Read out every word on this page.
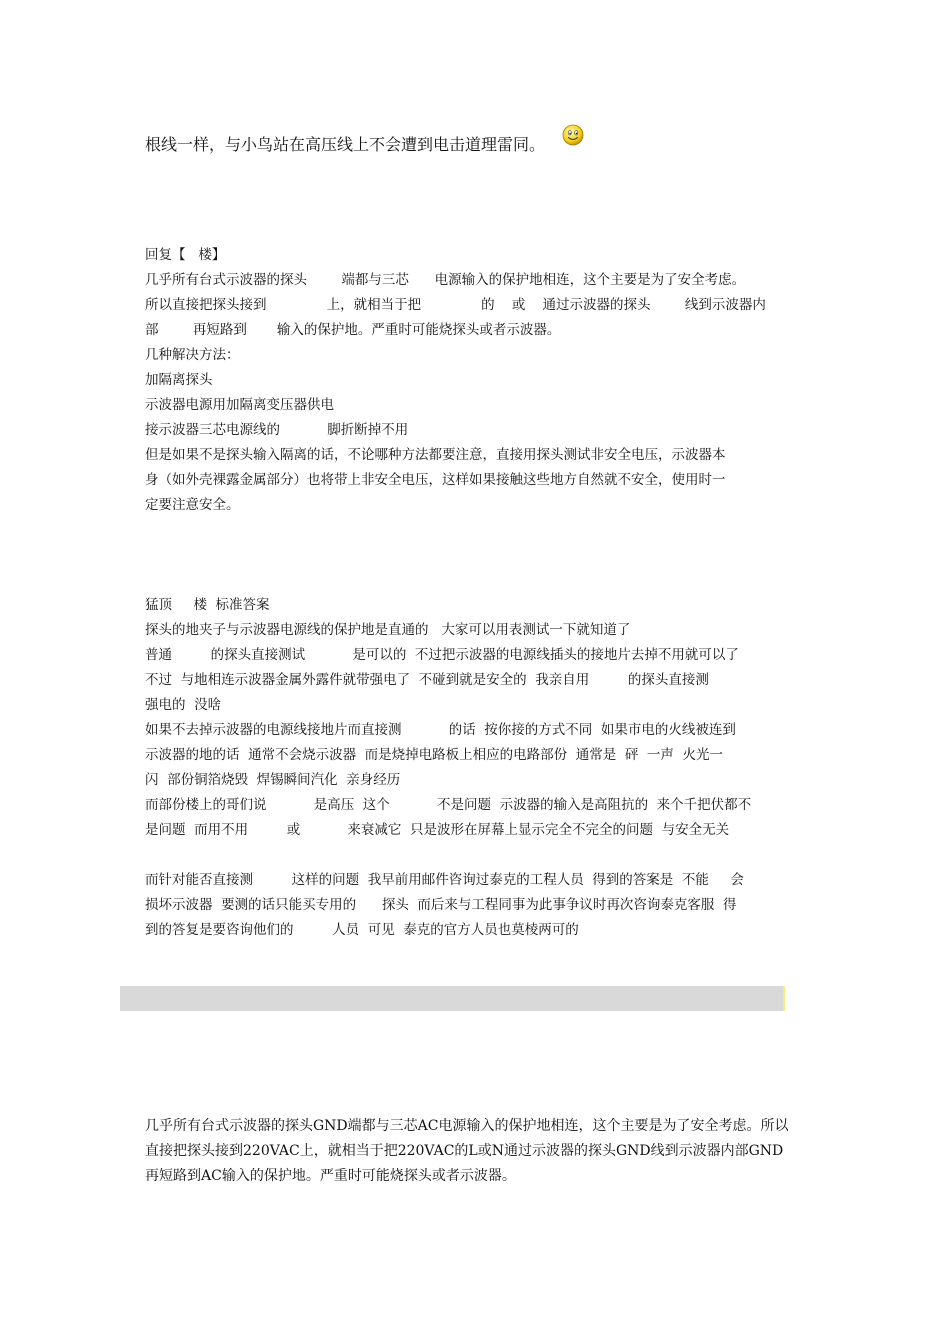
根线一样，与小鸟站在高压线上不会遭到电击道理雷同。
回复【   楼】
几乎所有台式示波器的探头        端都与三芯      电源输入的保护地相连，这个主要是为了安全考虑。
所以直接把探头接到              上，就相当于把              的    或    通过示波器的探头        线到示波器内
部        再短路到       输入的保护地。严重时可能烧探头或者示波器。
几种解决方法：
加隔离探头
示波器电源用加隔离变压器供电
接示波器三芯电源线的           脚折断掉不用
但是如果不是探头输入隔离的话，不论哪种方法都要注意，直接用探头测试非安全电压，示波器本
身（如外壳裸露金属部分）也将带上非安全电压，这样如果接触这些地方自然就不安全，使用时一
定要注意安全。
猛顶     楼  标准答案
探头的地夹子与示波器电源线的保护地是直通的   大家可以用表测试一下就知道了
普通         的探头直接测试           是可以的  不过把示波器的电源线插头的接地片去掉不用就可以了
不过  与地相连示波器金属外露件就带强电了  不碰到就是安全的  我亲自用         的探头直接测
强电的  没啥
如果不去掉示波器的电源线接地片而直接测           的话  按你接的方式不同  如果市电的火线被连到
示波器的地的话  通常不会烧示波器  而是烧掉电路板上相应的电路部份  通常是  砰  一声  火光一
闪  部份铜箔烧毁  焊锡瞬间汽化  亲身经历
而部份楼上的哥们说           是高压  这个           不是问题  示波器的输入是高阻抗的  来个千把伏都不
是问题  而用不用         或           来衰减它  只是波形在屏幕上显示完全不完全的问题  与安全无关
而针对能否直接测         这样的问题  我早前用邮件咨询过泰克的工程人员  得到的答案是  不能     会
损坏示波器  要测的话只能买专用的      探头  而后来与工程同事为此事争议时再次咨询泰克客服  得
到的答复是要咨询他们的         人员  可见  泰克的官方人员也莫棱两可的
几乎所有台式示波器的探头GND端都与三芯AC电源输入的保护地相连，这个主要是为了安全考虑。所以
直接把探头接到220VAC上，就相当于把220VAC的L或N通过示波器的探头GND线到示波器内部GND
再短路到AC输入的保护地。严重时可能烧探头或者示波器。
